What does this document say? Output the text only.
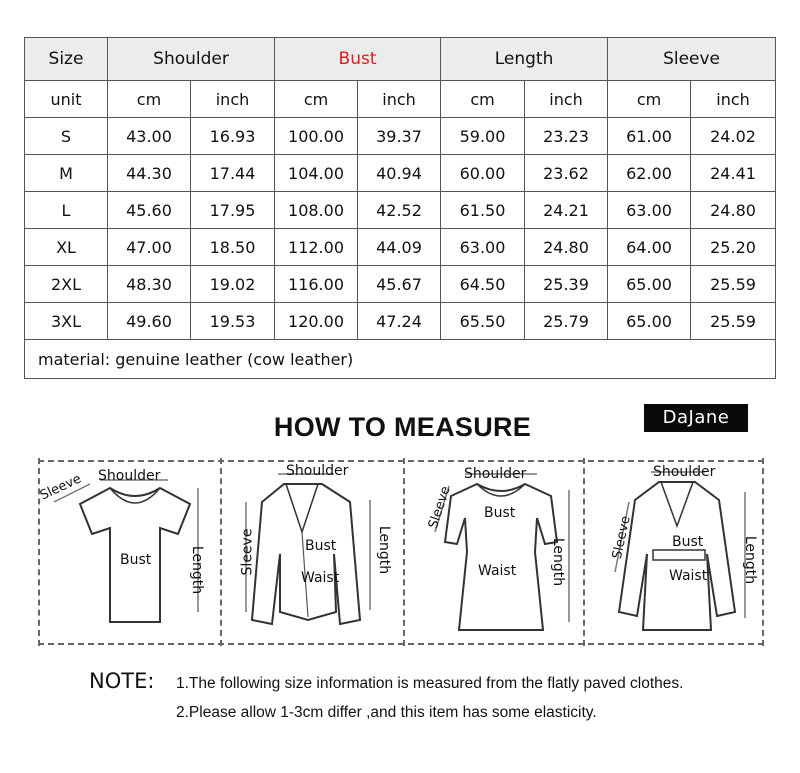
Size	Shoulder		Bust		Length		Sleeve	
unit	cm	inch	cm	inch	cm	inch	cm	inch
S	43.00	16.93	100.00	39.37	59.00	23.23	61.00	24.02
M	44.30	17.44	104.00	40.94	60.00	23.62	62.00	24.41
L	45.60	17.95	108.00	42.52	61.50	24.21	63.00	24.80
XL	47.00	18.50	112.00	44.09	63.00	24.80	64.00	25.20
2XL	48.30	19.02	116.00	45.67	64.50	25.39	65.00	25.59
3XL	49.60	19.53	120.00	47.24	65.50	25.79	65.00	25.59
material: genuine leather (cow leather)								
HOW TO MEASURE	DaJane
Shoulder
Sleeve
Bust	Length
Shoulder
Sleeve	Bust
Waist
Length
Shoulder
Sleeve Bust
Waist Length
Shoulder
Sleeve	Bust
Waist Length
NOTE: 1.The following size information is measured from the flatly paved clothes.
2.Please allow 1-3cm differ ,and this item has some elasticity.
